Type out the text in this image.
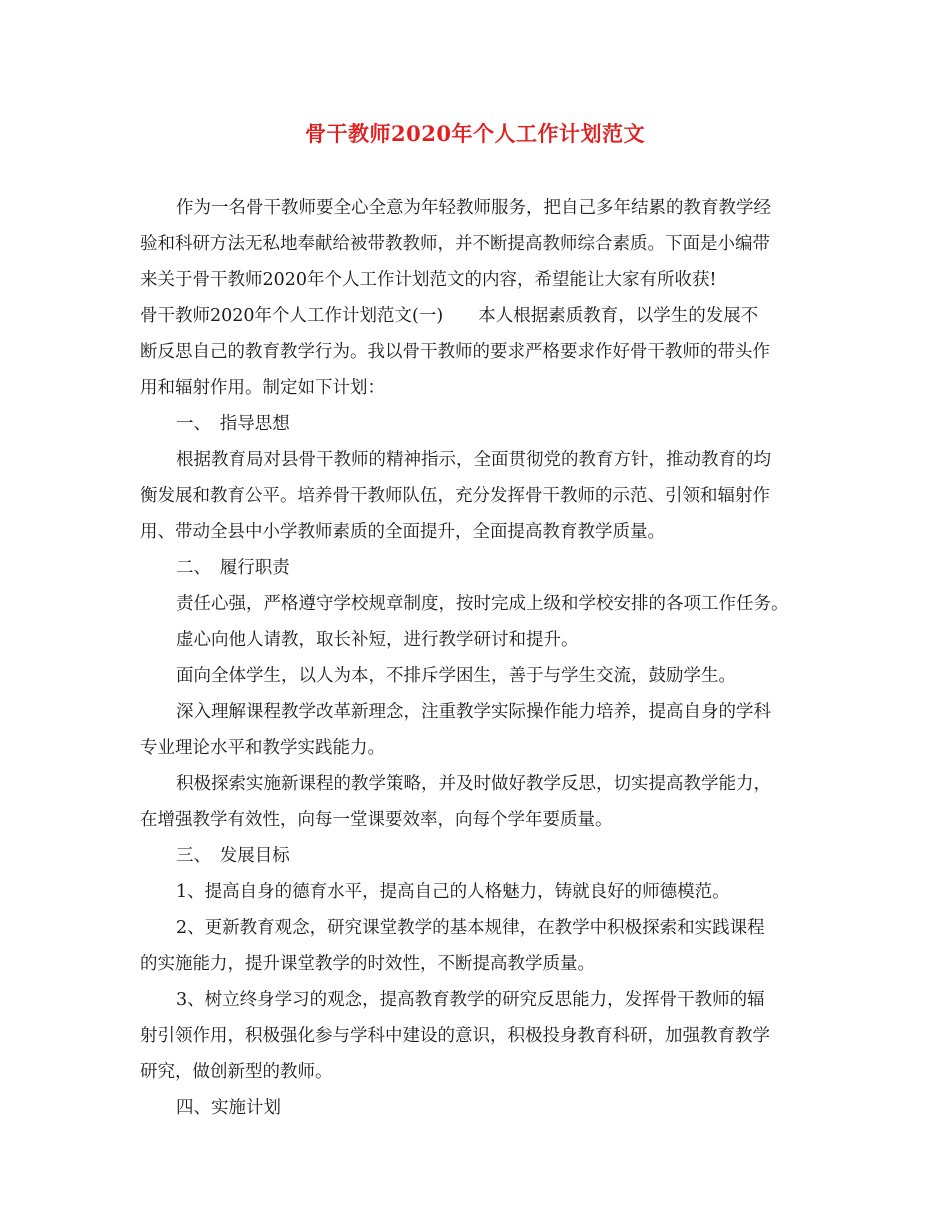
骨干教师2020年个人工作计划范文
作为一名骨干教师要全心全意为年轻教师服务，把自己多年结累的教育教学经
验和科研方法无私地奉献给被带教教师，并不断提高教师综合素质。下面是小编带
来关于骨干教师2020年个人工作计划范文的内容，希望能让大家有所收获!
骨干教师2020年个人工作计划范文(一)　　本人根据素质教育，以学生的发展不
断反思自己的教育教学行为。我以骨干教师的要求严格要求作好骨干教师的带头作
用和辐射作用。制定如下计划：
一、　指导思想
根据教育局对县骨干教师的精神指示，全面贯彻党的教育方针，推动教育的均
衡发展和教育公平。培养骨干教师队伍，充分发挥骨干教师的示范、引领和辐射作
用、带动全县中小学教师素质的全面提升，全面提高教育教学质量。
二、　履行职责
责任心强，严格遵守学校规章制度，按时完成上级和学校安排的各项工作任务。
虚心向他人请教，取长补短，进行教学研讨和提升。
面向全体学生，以人为本，不排斥学困生，善于与学生交流，鼓励学生。
深入理解课程教学改革新理念，注重教学实际操作能力培养，提高自身的学科
专业理论水平和教学实践能力。
积极探索实施新课程的教学策略，并及时做好教学反思，切实提高教学能力，
在增强教学有效性，向每一堂课要效率，向每个学年要质量。
三、　发展目标
1、提高自身的德育水平，提高自己的人格魅力，铸就良好的师德模范。
2、更新教育观念，研究课堂教学的基本规律，在教学中积极探索和实践课程
的实施能力，提升课堂教学的时效性，不断提高教学质量。
3、树立终身学习的观念，提高教育教学的研究反思能力，发挥骨干教师的辐
射引领作用，积极强化参与学科中建设的意识，积极投身教育科研，加强教育教学
研究，做创新型的教师。
四、实施计划
